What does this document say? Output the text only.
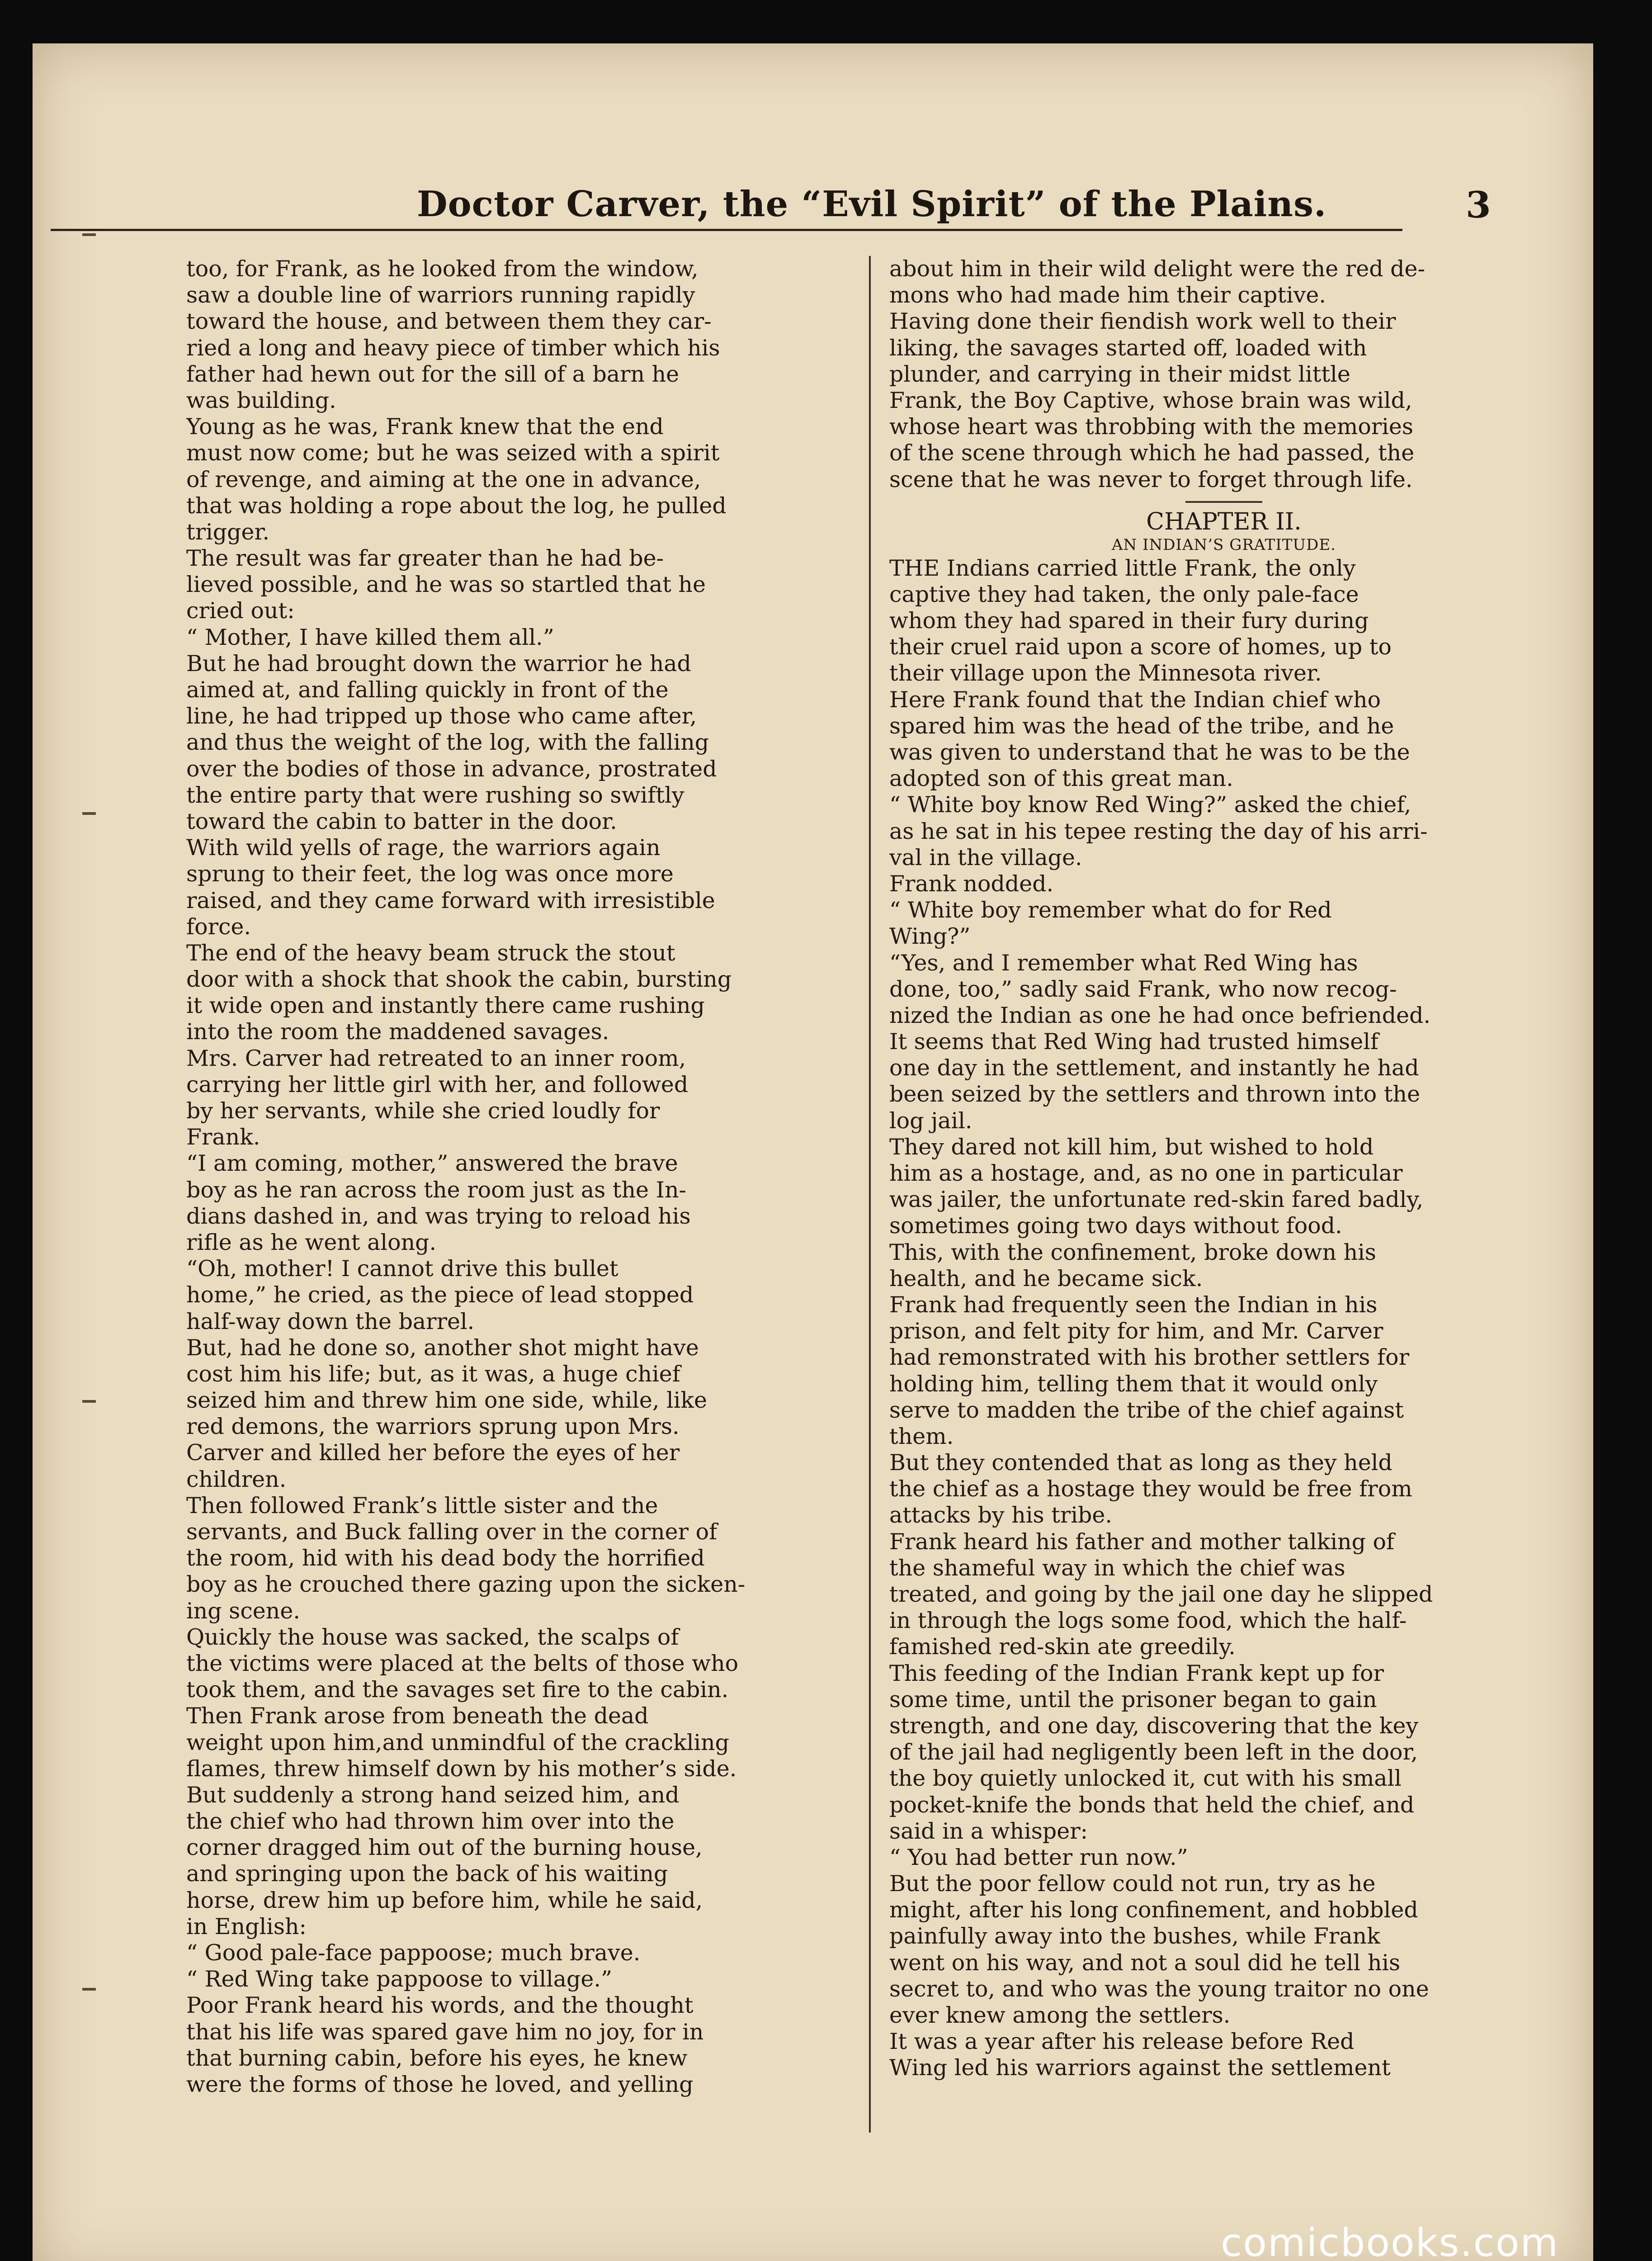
Doctor Carver, the “Evil Spirit” of the Plains.	3
too, for Frank, as he looked from the window,
saw a double line of warriors running rapidly
toward the house, and between them they car-
ried a long and heavy piece of timber which his
father had hewn out for the sill of a barn he
was building.
Young as he was, Frank knew that the end
must now come; but he was seized with a spirit
of revenge, and aiming at the one in advance,
that was holding a rope about the log, he pulled
trigger.
The result was far greater than he had be-
lieved possible, and he was so startled that he
cried out:
“ Mother, I have killed them all.”
But he had brought down the warrior he had
aimed at, and falling quickly in front of the
line, he had tripped up those who came after,
and thus the weight of the log, with the falling
over the bodies of those in advance, prostrated
the entire party that were rushing so swiftly
toward the cabin to batter in the door.
With wild yells of rage, the warriors again
sprung to their feet, the log was once more
raised, and they came forward with irresistible
force.
The end of the heavy beam struck the stout
door with a shock that shook the cabin, bursting
it wide open and instantly there came rushing
into the room the maddened savages.
Mrs. Carver had retreated to an inner room,
carrying her little girl with her, and followed
by her servants, while she cried loudly for
Frank.
“I am coming, mother,” answered the brave
boy as he ran across the room just as the In-
dians dashed in, and was trying to reload his
rifle as he went along.
“Oh, mother! I cannot drive this bullet
home,” he cried, as the piece of lead stopped
half-way down the barrel.
But, had he done so, another shot might have
cost him his life; but, as it was, a huge chief
seized him and threw him one side, while, like
red demons, the warriors sprung upon Mrs.
Carver and killed her before the eyes of her
children.
Then followed Frank’s little sister and the
servants, and Buck falling over in the corner of
the room, hid with his dead body the horrified
boy as he crouched there gazing upon the sicken-
ing scene.
Quickly the house was sacked, the scalps of
the victims were placed at the belts of those who
took them, and the savages set fire to the cabin.
Then Frank arose from beneath the dead
weight upon him,and unmindful of the crackling
flames, threw himself down by his mother’s side.
But suddenly a strong hand seized him, and
the chief who had thrown him over into the
corner dragged him out of the burning house,
and springing upon the back of his waiting
horse, drew him up before him, while he said,
in English:
“ Good pale-face pappoose; much brave.
“ Red Wing take pappoose to village.”
Poor Frank heard his words, and the thought
that his life was spared gave him no joy, for in
that burning cabin, before his eyes, he knew
were the forms of those he loved, and yelling
about him in their wild delight were the red de-
mons who had made him their captive.
Having done their fiendish work well to their
liking, the savages started off, loaded with
plunder, and carrying in their midst little
Frank, the Boy Captive, whose brain was wild,
whose heart was throbbing with the memories
of the scene through which he had passed, the
scene that he was never to forget through life.
CHAPTER II.
AN INDIAN’S GRATITUDE.
THE Indians carried little Frank, the only
captive they had taken, the only pale-face
whom they had spared in their fury during
their cruel raid upon a score of homes, up to
their village upon the Minnesota river.
Here Frank found that the Indian chief who
spared him was the head of the tribe, and he
was given to understand that he was to be the
adopted son of this great man.
“ White boy know Red Wing?” asked the chief,
as he sat in his tepee resting the day of his arri-
val in the village.
Frank nodded.
“ White boy remember what do for Red
Wing?”
“Yes, and I remember what Red Wing has
done, too,” sadly said Frank, who now recog-
nized the Indian as one he had once befriended.
It seems that Red Wing had trusted himself
one day in the settlement, and instantly he had
been seized by the settlers and thrown into the
log jail.
They dared not kill him, but wished to hold
him as a hostage, and, as no one in particular
was jailer, the unfortunate red-skin fared badly,
sometimes going two days without food.
This, with the confinement, broke down his
health, and he became sick.
Frank had frequently seen the Indian in his
prison, and felt pity for him, and Mr. Carver
had remonstrated with his brother settlers for
holding him, telling them that it would only
serve to madden the tribe of the chief against
them.
But they contended that as long as they held
the chief as a hostage they would be free from
attacks by his tribe.
Frank heard his father and mother talking of
the shameful way in which the chief was
treated, and going by the jail one day he slipped
in through the logs some food, which the half-
famished red-skin ate greedily.
This feeding of the Indian Frank kept up for
some time, until the prisoner began to gain
strength, and one day, discovering that the key
of the jail had negligently been left in the door,
the boy quietly unlocked it, cut with his small
pocket-knife the bonds that held the chief, and
said in a whisper:
“ You had better run now.”
But the poor fellow could not run, try as he
might, after his long confinement, and hobbled
painfully away into the bushes, while Frank
went on his way, and not a soul did he tell his
secret to, and who was the young traitor no one
ever knew among the settlers.
It was a year after his release before Red
Wing led his warriors against the settlement
comicbooks.com
